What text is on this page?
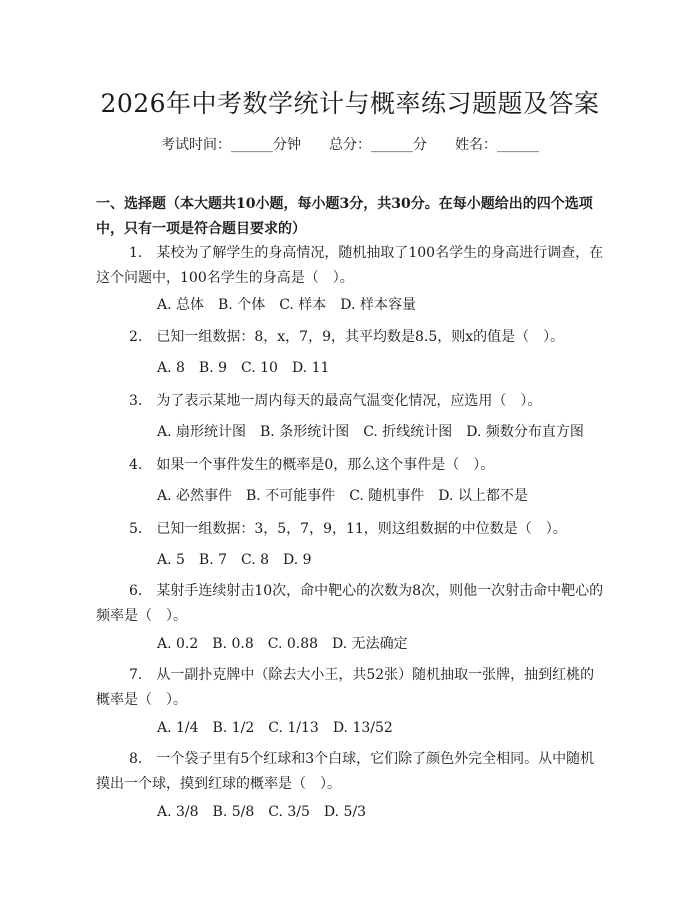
2026年中考数学统计与概率练习题题及答案
考试时间：______分钟 总分：______分 姓名：______
一、选择题（本大题共10小题，每小题3分，共30分。在每小题给出的四个选项中，只有一项是符合题目要求的）
1.　某校为了解学生的身高情况，随机抽取了100名学生的身高进行调查，在这个问题中，100名学生的身高是（　）。
A. 总体　B. 个体　C. 样本　D. 样本容量
2.　已知一组数据：8，x，7，9，其平均数是8.5，则x的值是（　）。
A. 8　B. 9　C. 10　D. 11
3.　为了表示某地一周内每天的最高气温变化情况，应选用（　）。
A. 扇形统计图　B. 条形统计图　C. 折线统计图　D. 频数分布直方图
4.　如果一个事件发生的概率是0，那么这个事件是（　）。
A. 必然事件　B. 不可能事件　C. 随机事件　D. 以上都不是
5.　已知一组数据：3，5，7，9，11，则这组数据的中位数是（　）。
A. 5　B. 7　C. 8　D. 9
6.　某射手连续射击10次，命中靶心的次数为8次，则他一次射击命中靶心的频率是（　）。
A. 0.2　B. 0.8　C. 0.88　D. 无法确定
7.　从一副扑克牌中（除去大小王，共52张）随机抽取一张牌，抽到红桃的概率是（　）。
A. 1/4　B. 1/2　C. 1/13　D. 13/52
8.　一个袋子里有5个红球和3个白球，它们除了颜色外完全相同。从中随机摸出一个球，摸到红球的概率是（　）。
A. 3/8　B. 5/8　C. 3/5　D. 5/3
